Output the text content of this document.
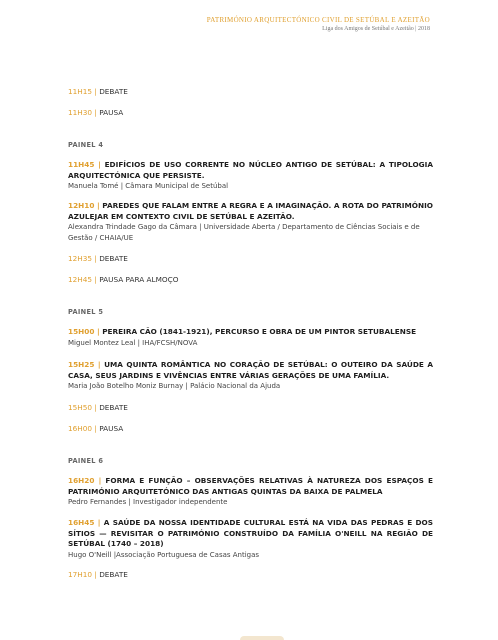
PATRIMÓNIO ARQUITECTÓNICO CIVIL DE SETÚBAL E AZEITÃO
Liga dos Amigos de Setúbal e Azeitão | 2018
11H15 | DEBATE
11H30 | PAUSA
PAINEL 4
11H45 | EDIFÍCIOS DE USO CORRENTE NO NÚCLEO ANTIGO DE SETÚBAL: A TIPOLOGIA ARQUITECTÓNICA QUE PERSISTE.
Manuela Tomé | Câmara Municipal de Setúbal
12H10 | PAREDES QUE FALAM ENTRE A REGRA E A IMAGINAÇÃO. A ROTA DO PATRIMÓNIO AZULEJAR EM CONTEXTO CIVIL DE SETÚBAL E AZEITÃO.
Alexandra Trindade Gago da Câmara | Universidade Aberta / Departamento de Ciências Sociais e de Gestão / CHAIA/UE
12H35 | DEBATE
12H45 | PAUSA PARA ALMOÇO
PAINEL 5
15H00 | PEREIRA CÃO (1841-1921), PERCURSO E OBRA DE UM PINTOR SETUBALENSE
Miguel Montez Leal | IHA/FCSH/NOVA
15H25 | UMA QUINTA ROMÂNTICA NO CORAÇÃO DE SETÚBAL: O OUTEIRO DA SAÚDE A CASA, SEUS JARDINS E VIVÊNCIAS ENTRE VÁRIAS GERAÇÕES DE UMA FAMÍLIA.
Maria João Botelho Moniz Burnay | Palácio Nacional da Ajuda
15H50 | DEBATE
16H00 | PAUSA
PAINEL 6
16H20 | FORMA E FUNÇÃO – OBSERVAÇÕES RELATIVAS À NATUREZA DOS ESPAÇOS E PATRIMÓNIO ARQUITETÓNICO DAS ANTIGAS QUINTAS DA BAIXA DE PALMELA
Pedro Fernandes | Investigador independente
16H45 | A SAÚDE DA NOSSA IDENTIDADE CULTURAL ESTÁ NA VIDA DAS PEDRAS E DOS SÍTIOS — REVISITAR O PATRIMÓNIO CONSTRUÍDO DA FAMÍLIA O'NEILL NA REGIÃO DE SETÚBAL (1740 – 2018)
Hugo O'Neill |Associação Portuguesa de Casas Antigas
17H10 | DEBATE
